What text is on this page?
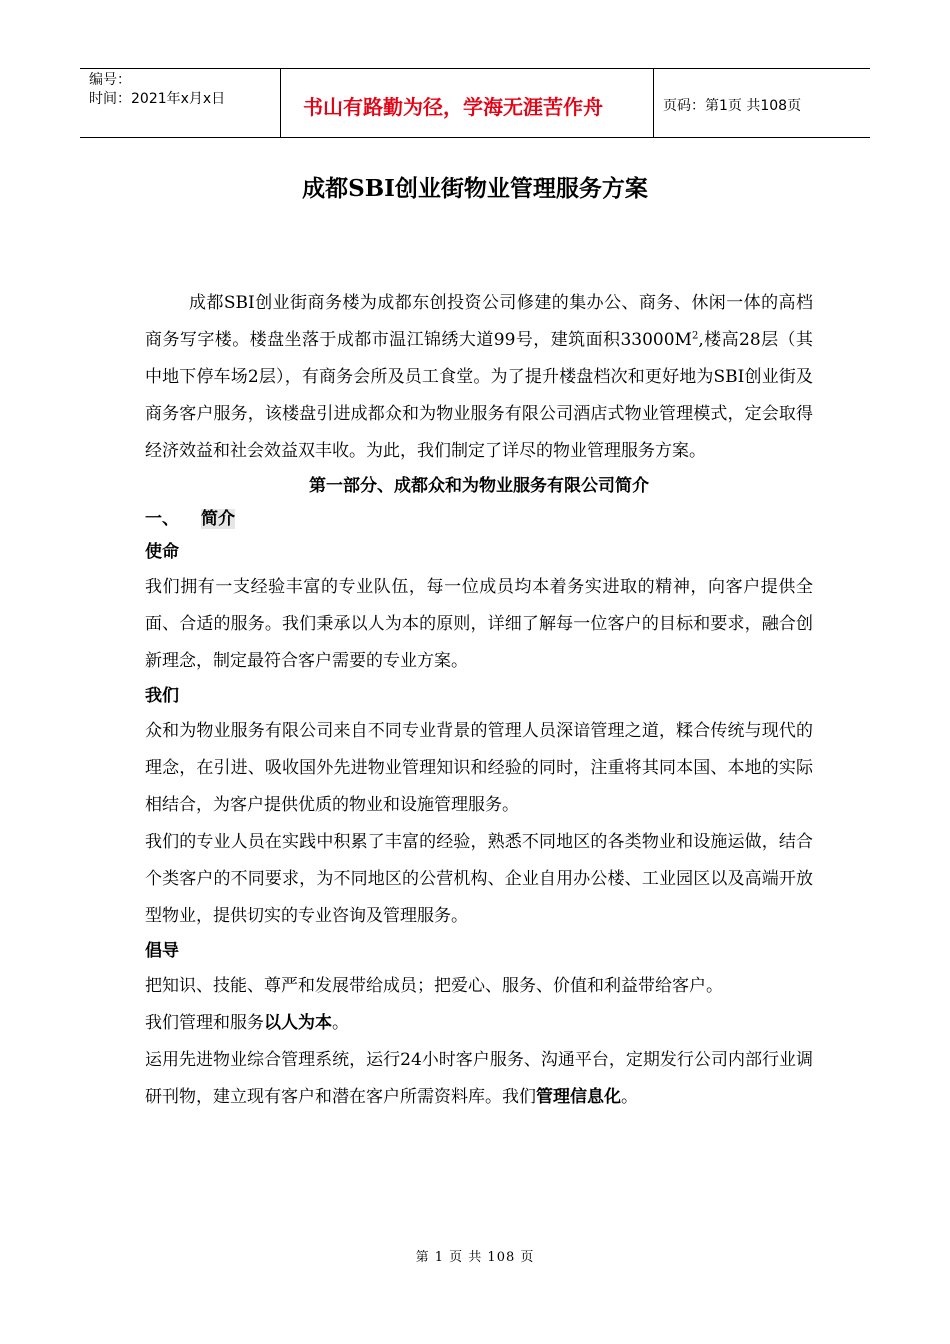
编号：
时间：2021年x月x日	书山有路勤为径，学海无涯苦作舟	页码：第1页 共108页
成都SBI创业街物业管理服务方案

成都SBI创业街商务楼为成都东创投资公司修建的集办公、商务、休闲一体的高档商务写字楼。楼盘坐落于成都市温江锦绣大道99号，建筑面积$33000M^2$,楼高28层（其中地下停车场2层），有商务会所及员工食堂。为了提升楼盘档次和更好地为SBI创业街及商务客户服务，该楼盘引进成都众和为物业服务有限公司酒店式物业管理模式，定会取得经济效益和社会效益双丰收。为此，我们制定了详尽的物业管理服务方案。

第一部分、成都众和为物业服务有限公司简介

一、 简介

使命

我们拥有一支经验丰富的专业队伍，每一位成员均本着务实进取的精神，向客户提供全面、合适的服务。我们秉承以人为本的原则，详细了解每一位客户的目标和要求，融合创新理念，制定最符合客户需要的专业方案。

我们

众和为物业服务有限公司来自不同专业背景的管理人员深谙管理之道，糅合传统与现代的理念，在引进、吸收国外先进物业管理知识和经验的同时，注重将其同本国、本地的实际相结合，为客户提供优质的物业和设施管理服务。

我们的专业人员在实践中积累了丰富的经验，熟悉不同地区的各类物业和设施运做，结合个类客户的不同要求，为不同地区的公营机构、企业自用办公楼、工业园区以及高端开放型物业，提供切实的专业咨询及管理服务。

倡导

把知识、技能、尊严和发展带给成员；把爱心、服务、价值和利益带给客户。

我们管理和服务以人为本。

运用先进物业综合管理系统，运行24小时客户服务、沟通平台，定期发行公司内部行业调研刊物，建立现有客户和潜在客户所需资料库。我们管理信息化。

第 1 页 共 108 页
